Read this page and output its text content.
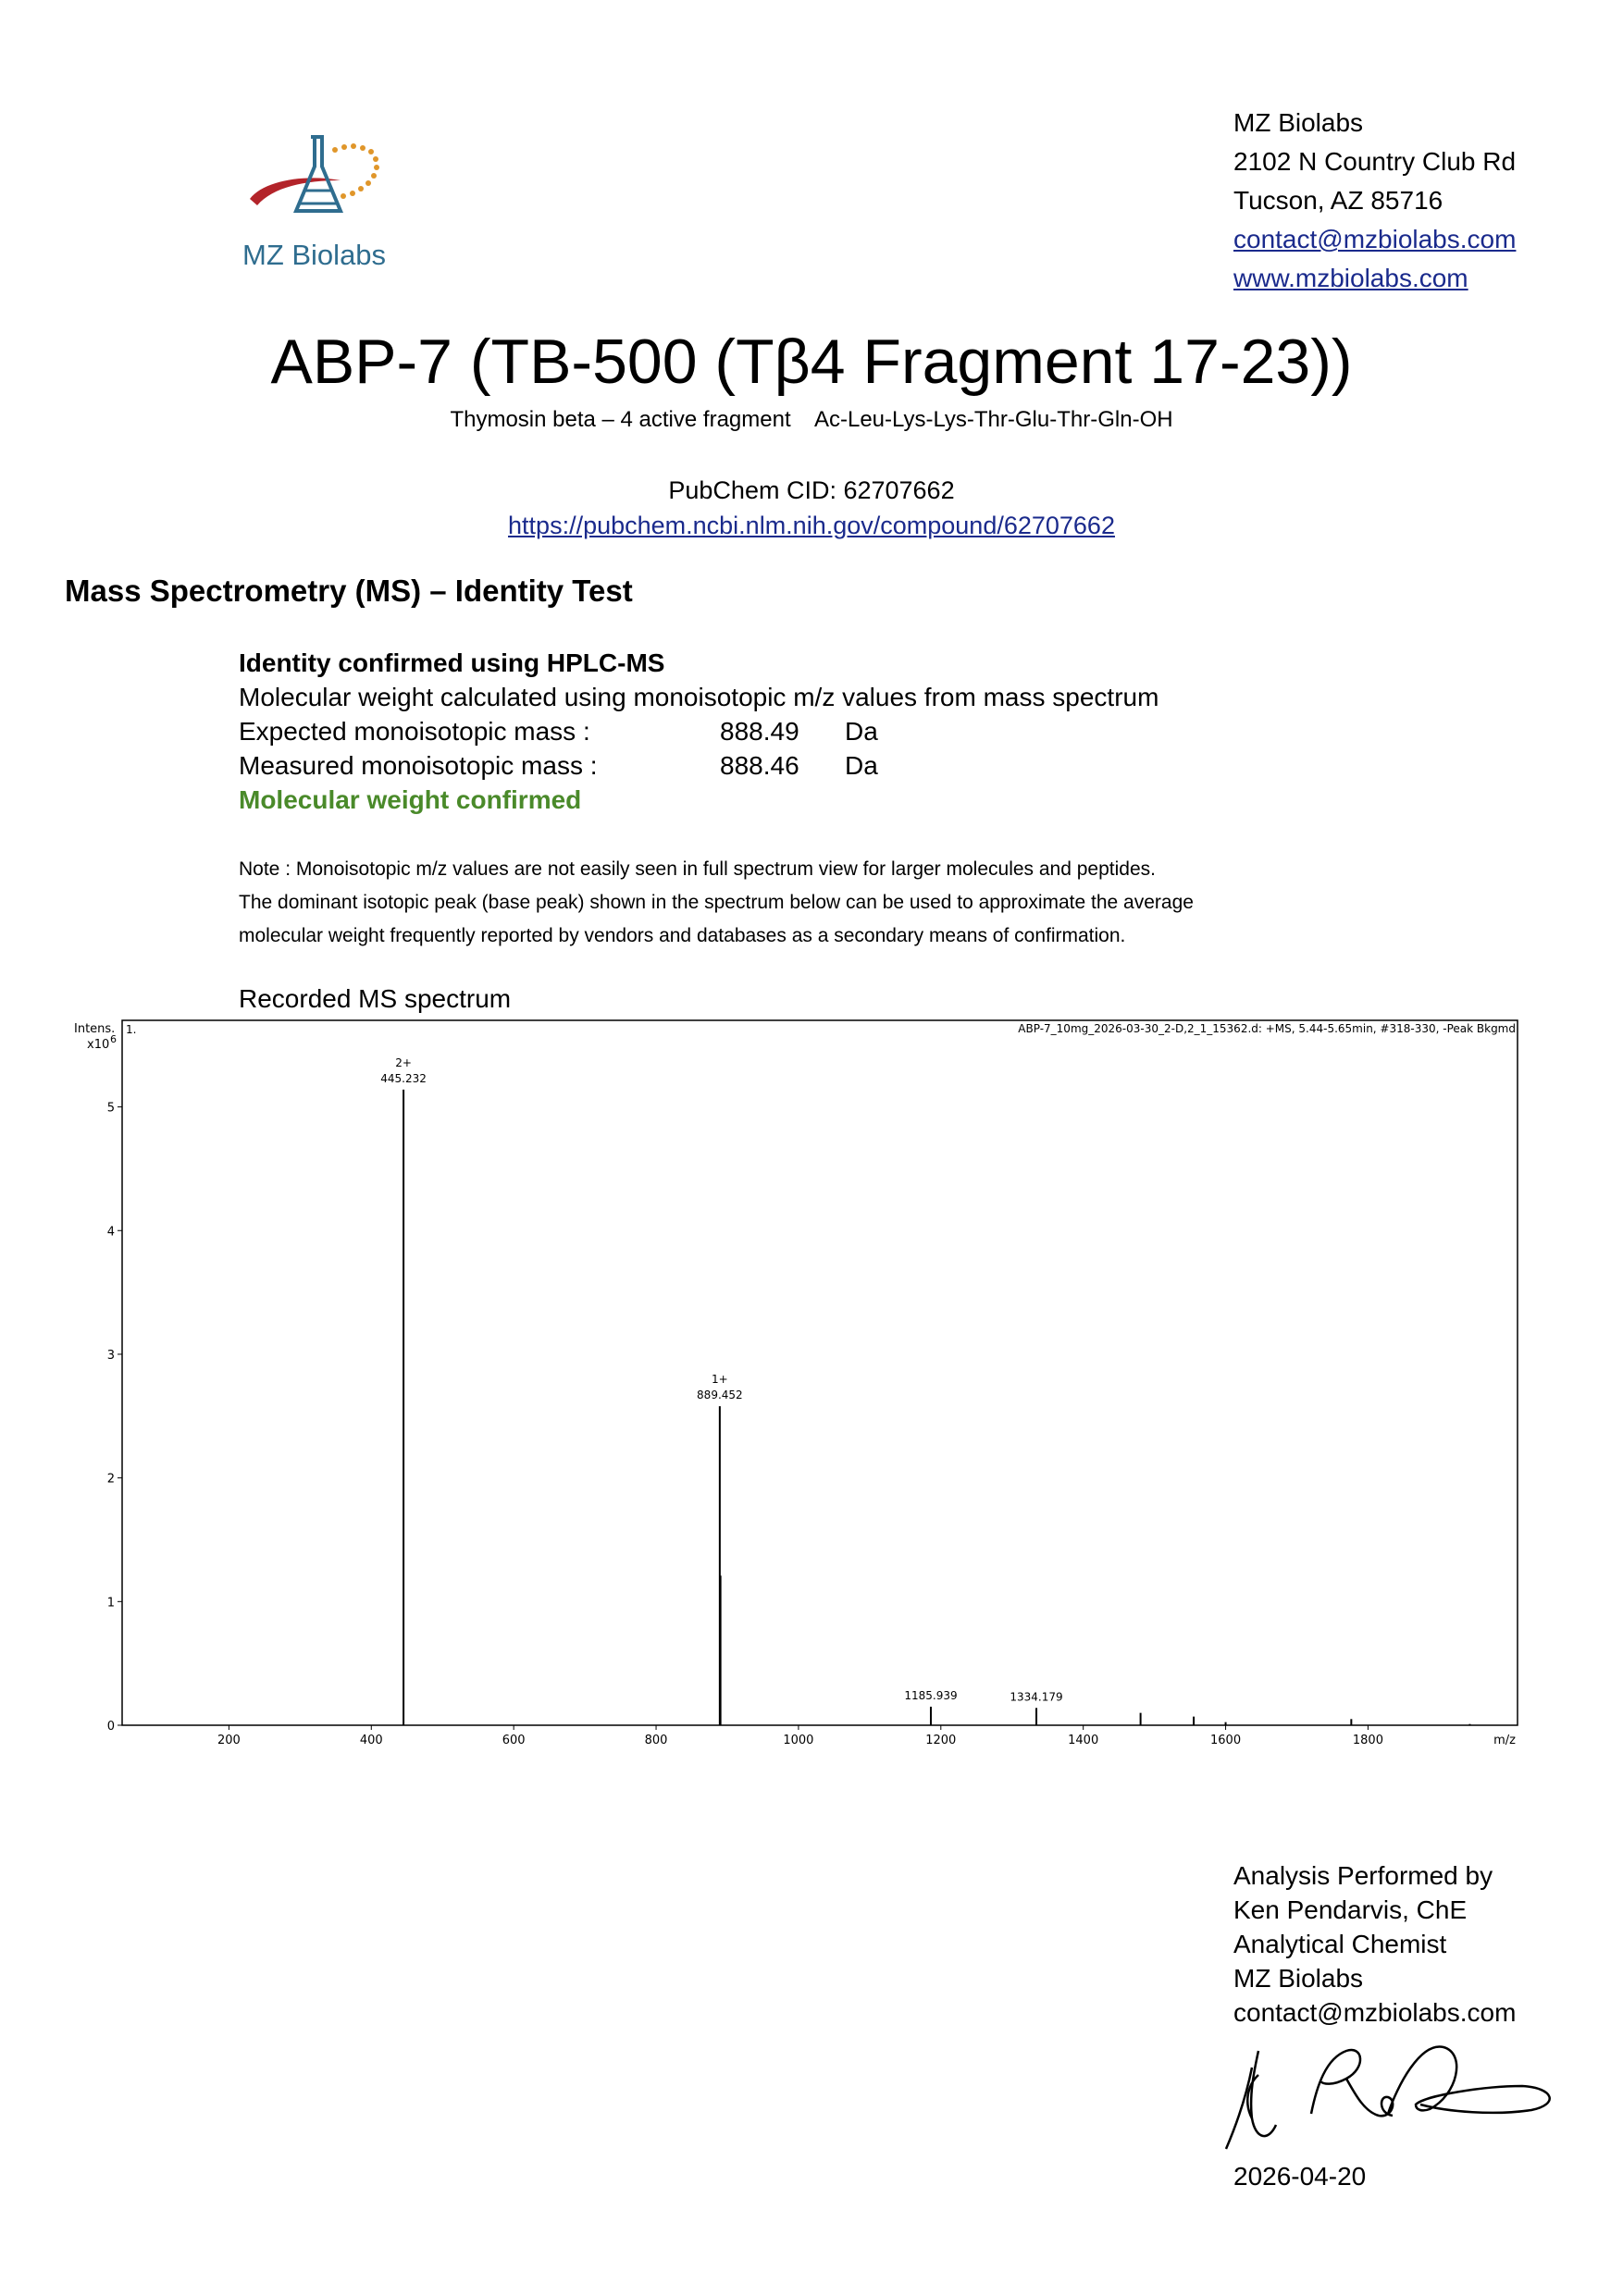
MZ Biolabs
MZ Biolabs
2102 N Country Club Rd
Tucson, AZ 85716
contact@mzbiolabs.com
www.mzbiolabs.com
ABP-7 (TB-500 (Tβ4 Fragment 17-23))
Thymosin beta – 4 active fragment    Ac-Leu-Lys-Lys-Thr-Glu-Thr-Gln-OH
PubChem CID: 62707662
https://pubchem.ncbi.nlm.nih.gov/compound/62707662
Mass Spectrometry (MS) – Identity Test
Identity confirmed using HPLC-MS
Molecular weight calculated using monoisotopic m/z values from mass spectrum
Expected monoisotopic mass :	888.49	Da
Measured monoisotopic mass :	888.46	Da
Molecular weight confirmed
Note : Monoisotopic m/z values are not easily seen in full spectrum view for larger molecules and peptides.
The dominant isotopic peak (base peak) shown in the spectrum below can be used to approximate the average
molecular weight frequently reported by vendors and databases as a secondary means of confirmation.
Recorded MS spectrum
1.	ABP-7_10mg_2026-03-30_2-D,2_1_15362.d: +MS, 5.44-5.65min, #318-330, -Peak Bkgmd
Intens.
x10 6
0
1
2
3
4
5
200	400	600	800	1000	1200	1400	1600	1800	m/z
445.232
2+
889.452
1+
1185.939	1334.179
Analysis Performed by
Ken Pendarvis, ChE
Analytical Chemist
MZ Biolabs
contact@mzbiolabs.com
2026-04-20
